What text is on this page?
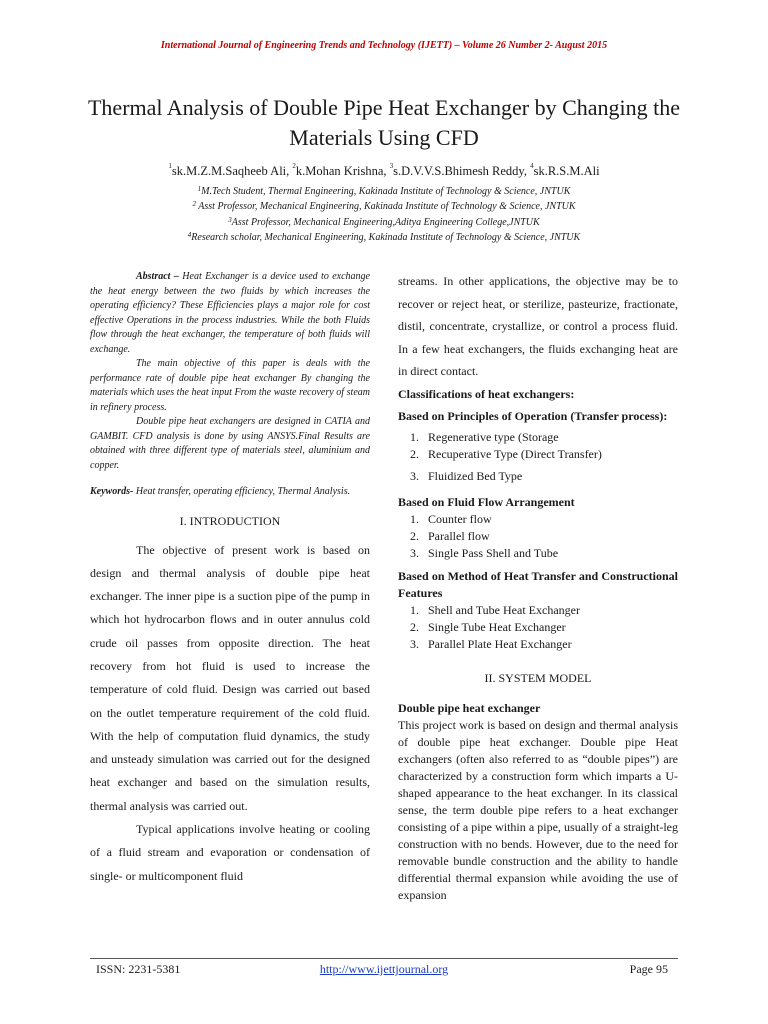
International Journal of Engineering Trends and Technology (IJETT) – Volume 26 Number 2- August 2015
Thermal Analysis of Double Pipe Heat Exchanger by Changing the Materials Using CFD
$^1$sk.M.Z.M.Saqheeb Ali, $^2$k.Mohan Krishna, $^3$s.D.V.V.S.Bhimesh Reddy, $^4$sk.R.S.M.Ali
$^1$M.Tech Student, Thermal Engineering, Kakinada Institute of Technology & Science, JNTUK
$^2$ Asst Professor, Mechanical Engineering, Kakinada Institute of Technology & Science, JNTUK
$^3$Asst Professor, Mechanical Engineering,Aditya Engineering College,JNTUK
$^4$Research scholar, Mechanical Engineering, Kakinada Institute of Technology & Science, JNTUK

Abstract – Heat Exchanger is a device used to exchange the heat energy between the two fluids by which increases the operating efficiency? These Efficiencies plays a major role for cost effective Operations in the process industries. While the both Fluids flow through the heat exchanger, the temperature of both fluids will exchange.

The main objective of this paper is deals with the performance rate of double pipe heat exchanger By changing the materials which uses the heat input From the waste recovery of steam in refinery process.

Double pipe heat exchangers are designed in CATIA and GAMBIT. CFD analysis is done by using ANSYS.Final Results are obtained with three different type of materials steel, aluminium and copper.

Keywords- Heat transfer, operating efficiency, Thermal Analysis.
I. INTRODUCTION

The objective of present work is based on design and thermal analysis of double pipe heat exchanger. The inner pipe is a suction pipe of the pump in which hot hydrocarbon flows and in outer annulus cold crude oil passes from opposite direction. The heat recovery from hot fluid is used to increase the temperature of cold fluid. Design was carried out based on the outlet temperature requirement of the cold fluid. With the help of computation fluid dynamics, the study and unsteady simulation was carried out for the designed heat exchanger and based on the simulation results, thermal analysis was carried out.

Typical applications involve heating or cooling of a fluid stream and evaporation or condensation of single- or multicomponent fluid

streams. In other applications, the objective may be to recover or reject heat, or sterilize, pasteurize, fractionate, distil, concentrate, crystallize, or control a process fluid. In a few heat exchangers, the fluids exchanging heat are in direct contact.

Classifications of heat exchangers:

Based on Principles of Operation (Transfer process):

1. Regenerative type (Storage
2. Recuperative Type (Direct Transfer)
3. Fluidized Bed Type

Based on Fluid Flow Arrangement

1. Counter flow
2. Parallel flow
3. Single Pass Shell and Tube

Based on Method of Heat Transfer and Constructional Features

1. Shell and Tube Heat Exchanger
2. Single Tube Heat Exchanger
3. Parallel Plate Heat Exchanger
II. SYSTEM MODEL

Double pipe heat exchanger

This project work is based on design and thermal analysis of double pipe heat exchanger. Double pipe Heat exchangers (often also referred to as “double pipes”) are characterized by a construction form which imparts a U-shaped appearance to the heat exchanger. In its classical sense, the term double pipe refers to a heat exchanger consisting of a pipe within a pipe, usually of a straight-leg construction with no bends. However, due to the need for removable bundle construction and the ability to handle differential thermal expansion while avoiding the use of expansion

ISSN: 2231-5381	http://www.ijettjournal.org	Page 95
